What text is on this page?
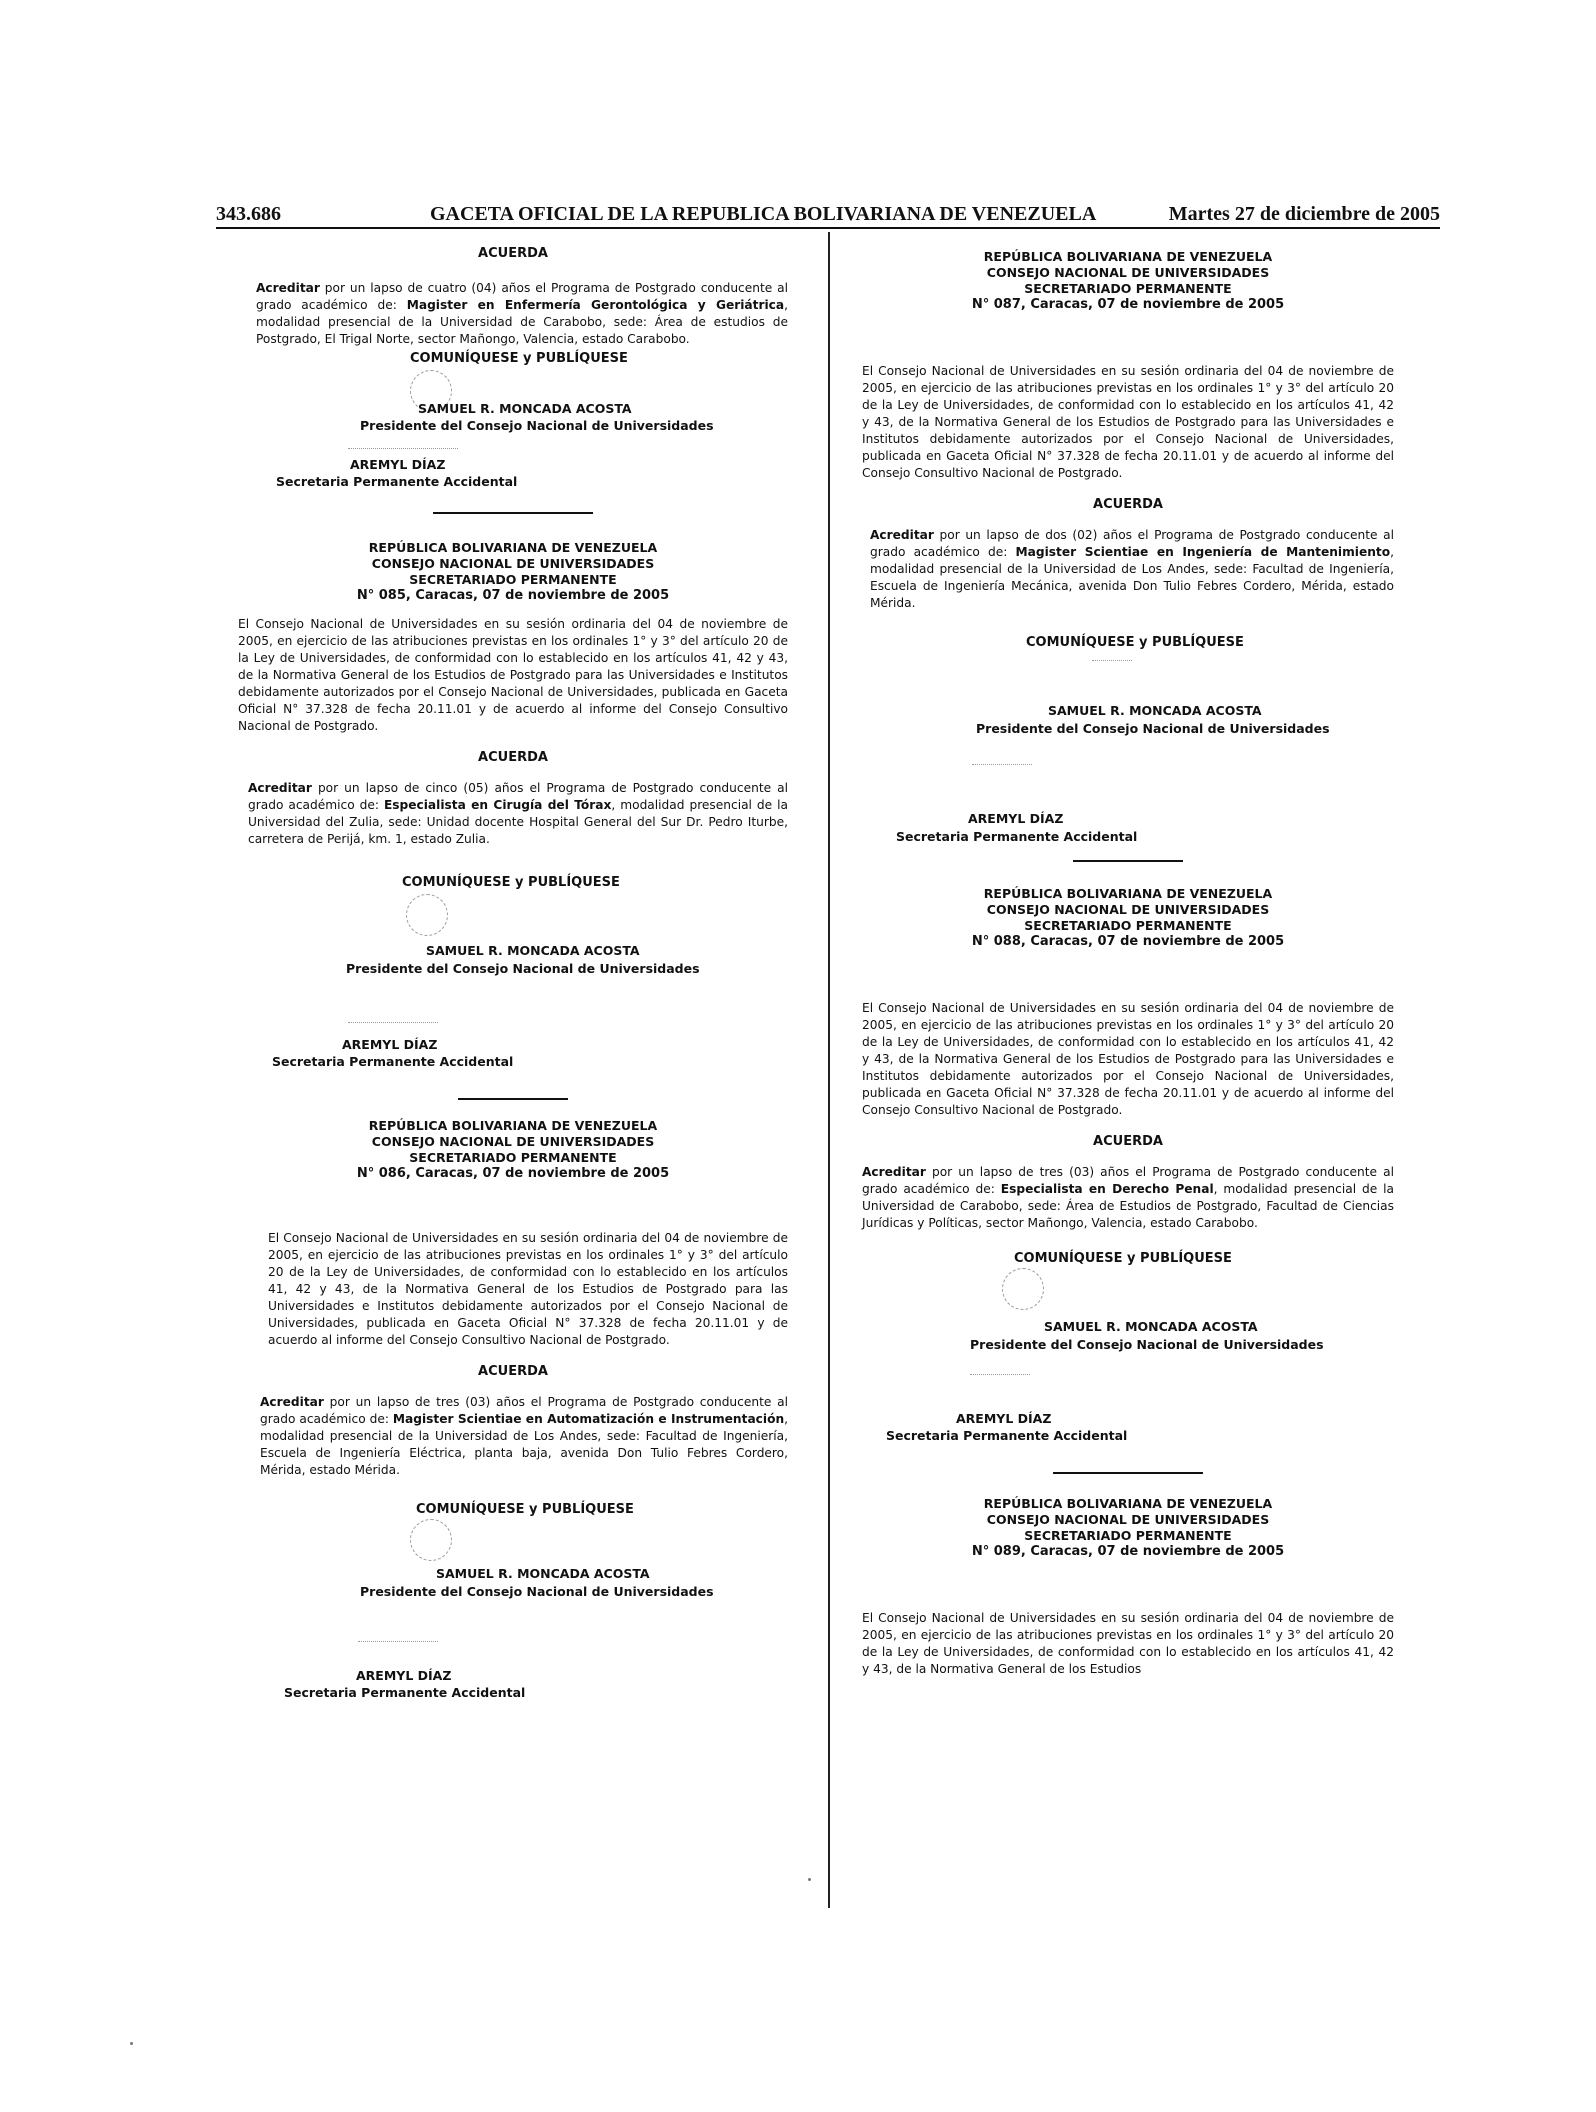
343.686	GACETA OFICIAL DE LA REPUBLICA BOLIVARIANA DE VENEZUELA	Martes 27 de diciembre de 2005
ACUERDA

Acreditar por un lapso de cuatro (04) años el Programa de Postgrado conducente al grado académico de: Magister en Enfermería Gerontológica y Geriátrica, modalidad presencial de la Universidad de Carabobo, sede: Área de estudios de Postgrado, El Trigal Norte, sector Mañongo, Valencia, estado Carabobo.

COMUNÍQUESE y PUBLÍQUESE
SAMUEL R. MONCADA ACOSTA
Presidente del Consejo Nacional de Universidades
AREMYL DÍAZ
Secretaria Permanente Accidental
REPÚBLICA BOLIVARIANA DE VENEZUELA
CONSEJO NACIONAL DE UNIVERSIDADES
SECRETARIADO PERMANENTE
N° 085, Caracas, 07 de noviembre de 2005

El Consejo Nacional de Universidades en su sesión ordinaria del 04 de noviembre de 2005, en ejercicio de las atribuciones previstas en los ordinales 1° y 3° del artículo 20 de la Ley de Universidades, de conformidad con lo establecido en los artículos 41, 42 y 43, de la Normativa General de los Estudios de Postgrado para las Universidades e Institutos debidamente autorizados por el Consejo Nacional de Universidades, publicada en Gaceta Oficial N° 37.328 de fecha 20.11.01 y de acuerdo al informe del Consejo Consultivo Nacional de Postgrado.

ACUERDA

Acreditar por un lapso de cinco (05) años el Programa de Postgrado conducente al grado académico de: Especialista en Cirugía del Tórax, modalidad presencial de la Universidad del Zulia, sede: Unidad docente Hospital General del Sur Dr. Pedro Iturbe, carretera de Perijá, km. 1, estado Zulia.

COMUNÍQUESE y PUBLÍQUESE
SAMUEL R. MONCADA ACOSTA
Presidente del Consejo Nacional de Universidades
AREMYL DÍAZ
Secretaria Permanente Accidental
REPÚBLICA BOLIVARIANA DE VENEZUELA
CONSEJO NACIONAL DE UNIVERSIDADES
SECRETARIADO PERMANENTE
N° 086, Caracas, 07 de noviembre de 2005

El Consejo Nacional de Universidades en su sesión ordinaria del 04 de noviembre de 2005, en ejercicio de las atribuciones previstas en los ordinales 1° y 3° del artículo 20 de la Ley de Universidades, de conformidad con lo establecido en los artículos 41, 42 y 43, de la Normativa General de los Estudios de Postgrado para las Universidades e Institutos debidamente autorizados por el Consejo Nacional de Universidades, publicada en Gaceta Oficial N° 37.328 de fecha 20.11.01 y de acuerdo al informe del Consejo Consultivo Nacional de Postgrado.

ACUERDA

Acreditar por un lapso de tres (03) años el Programa de Postgrado conducente al grado académico de: Magister Scientiae en Automatización e Instrumentación, modalidad presencial de la Universidad de Los Andes, sede: Facultad de Ingeniería, Escuela de Ingeniería Eléctrica, planta baja, avenida Don Tulio Febres Cordero, Mérida, estado Mérida.

COMUNÍQUESE y PUBLÍQUESE
SAMUEL R. MONCADA ACOSTA
Presidente del Consejo Nacional de Universidades
AREMYL DÍAZ
Secretaria Permanente Accidental
REPÚBLICA BOLIVARIANA DE VENEZUELA
CONSEJO NACIONAL DE UNIVERSIDADES
SECRETARIADO PERMANENTE
N° 087, Caracas, 07 de noviembre de 2005

El Consejo Nacional de Universidades en su sesión ordinaria del 04 de noviembre de 2005, en ejercicio de las atribuciones previstas en los ordinales 1° y 3° del artículo 20 de la Ley de Universidades, de conformidad con lo establecido en los artículos 41, 42 y 43, de la Normativa General de los Estudios de Postgrado para las Universidades e Institutos debidamente autorizados por el Consejo Nacional de Universidades, publicada en Gaceta Oficial N° 37.328 de fecha 20.11.01 y de acuerdo al informe del Consejo Consultivo Nacional de Postgrado.

ACUERDA

Acreditar por un lapso de dos (02) años el Programa de Postgrado conducente al grado académico de: Magister Scientiae en Ingeniería de Mantenimiento, modalidad presencial de la Universidad de Los Andes, sede: Facultad de Ingeniería, Escuela de Ingeniería Mecánica, avenida Don Tulio Febres Cordero, Mérida, estado Mérida.

COMUNÍQUESE y PUBLÍQUESE
SAMUEL R. MONCADA ACOSTA
Presidente del Consejo Nacional de Universidades
AREMYL DÍAZ
Secretaria Permanente Accidental
REPÚBLICA BOLIVARIANA DE VENEZUELA
CONSEJO NACIONAL DE UNIVERSIDADES
SECRETARIADO PERMANENTE
N° 088, Caracas, 07 de noviembre de 2005

El Consejo Nacional de Universidades en su sesión ordinaria del 04 de noviembre de 2005, en ejercicio de las atribuciones previstas en los ordinales 1° y 3° del artículo 20 de la Ley de Universidades, de conformidad con lo establecido en los artículos 41, 42 y 43, de la Normativa General de los Estudios de Postgrado para las Universidades e Institutos debidamente autorizados por el Consejo Nacional de Universidades, publicada en Gaceta Oficial N° 37.328 de fecha 20.11.01 y de acuerdo al informe del Consejo Consultivo Nacional de Postgrado.

ACUERDA

Acreditar por un lapso de tres (03) años el Programa de Postgrado conducente al grado académico de: Especialista en Derecho Penal, modalidad presencial de la Universidad de Carabobo, sede: Área de Estudios de Postgrado, Facultad de Ciencias Jurídicas y Políticas, sector Mañongo, Valencia, estado Carabobo.

COMUNÍQUESE y PUBLÍQUESE
SAMUEL R. MONCADA ACOSTA
Presidente del Consejo Nacional de Universidades
AREMYL DÍAZ
Secretaria Permanente Accidental
REPÚBLICA BOLIVARIANA DE VENEZUELA
CONSEJO NACIONAL DE UNIVERSIDADES
SECRETARIADO PERMANENTE
N° 089, Caracas, 07 de noviembre de 2005

El Consejo Nacional de Universidades en su sesión ordinaria del 04 de noviembre de 2005, en ejercicio de las atribuciones previstas en los ordinales 1° y 3° del artículo 20 de la Ley de Universidades, de conformidad con lo establecido en los artículos 41, 42 y 43, de la Normativa General de los Estudios
